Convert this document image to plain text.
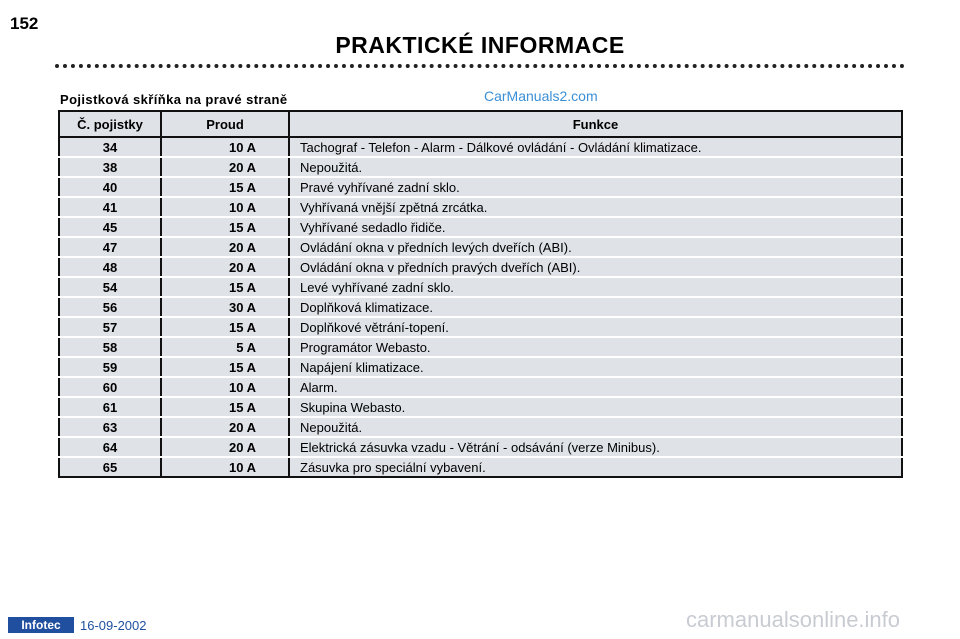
152
PRAKTICKÉ INFORMACE
Pojistková skříňka na pravé straně	CarManuals2.com
Č. pojistky	Proud	Funkce
34	10 A	Tachograf - Telefon - Alarm - Dálkové ovládání - Ovládání klimatizace.
38	20 A	Nepoužitá.
40	15 A	Pravé vyhřívané zadní sklo.
41	10 A	Vyhřívaná vnější zpětná zrcátka.
45	15 A	Vyhřívané sedadlo řidiče.
47	20 A	Ovládání okna v předních levých dveřích (ABI).
48	20 A	Ovládání okna v předních pravých dveřích (ABI).
54	15 A	Levé vyhřívané zadní sklo.
56	30 A	Doplňková klimatizace.
57	15 A	Doplňkové větrání-topení.
58	5 A	Programátor Webasto.
59	15 A	Napájení klimatizace.
60	10 A	Alarm.
61	15 A	Skupina Webasto.
63	20 A	Nepoužitá.
64	20 A	Elektrická zásuvka vzadu - Větrání - odsávání (verze Minibus).
65	10 A	Zásuvka pro speciální vybavení.
Infotec	16-09-2002	carmanualsonline.info
